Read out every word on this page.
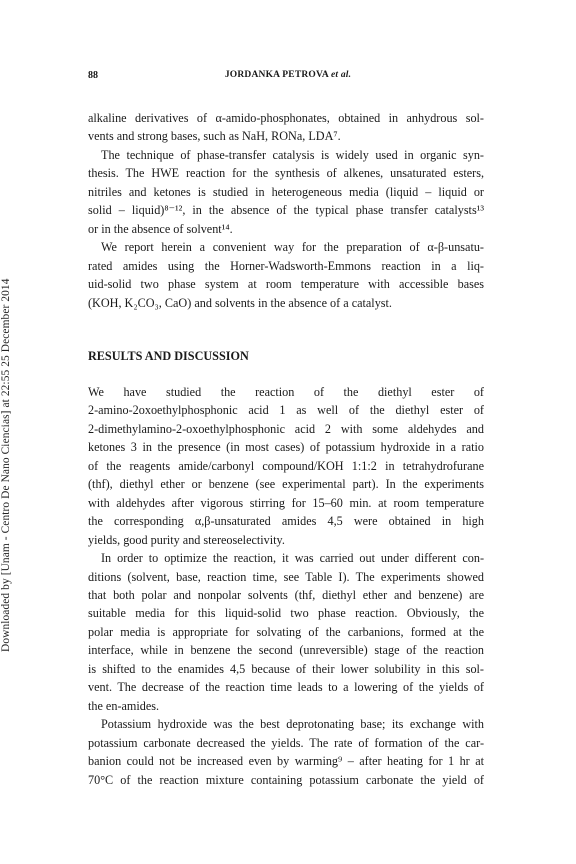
Downloaded by [Unam - Centro De Nano Ciencias] at 22:55 25 December 2014
88	JORDANKA PETROVA et al.

alkaline derivatives of α-amido-phosphonates, obtained in anhydrous sol-
vents and strong bases, such as NaH, RONa, LDA⁷.

The technique of phase-transfer catalysis is widely used in organic syn-
thesis. The HWE reaction for the synthesis of alkenes, unsaturated esters,
nitriles and ketones is studied in heterogeneous media (liquid – liquid or
solid – liquid)⁸⁻¹², in the absence of the typical phase transfer catalysts¹³
or in the absence of solvent¹⁴.

We report herein a convenient way for the preparation of α-β-unsatu-
rated amides using the Horner-Wadsworth-Emmons reaction in a liq-
uid-solid two phase system at room temperature with accessible bases
(KOH, K₂CO₃, CaO) and solvents in the absence of a catalyst.

RESULTS AND DISCUSSION

We have studied the reaction of the diethyl ester of
2-amino-2oxoethylphosphonic acid 1 as well of the diethyl ester of
2-dimethylamino-2-oxoethylphosphonic acid 2 with some aldehydes and
ketones 3 in the presence (in most cases) of potassium hydroxide in a ratio
of the reagents amide/carbonyl compound/KOH 1:1:2 in tetrahydrofurane
(thf), diethyl ether or benzene (see experimental part). In the experiments
with aldehydes after vigorous stirring for 15–60 min. at room temperature
the corresponding α,β-unsaturated amides 4,5 were obtained in high
yields, good purity and stereoselectivity.

In order to optimize the reaction, it was carried out under different con-
ditions (solvent, base, reaction time, see Table I). The experiments showed
that both polar and nonpolar solvents (thf, diethyl ether and benzene) are
suitable media for this liquid-solid two phase reaction. Obviously, the
polar media is appropriate for solvating of the carbanions, formed at the
interface, while in benzene the second (unreversible) stage of the reaction
is shifted to the enamides 4,5 because of their lower solubility in this sol-
vent. The decrease of the reaction time leads to a lowering of the yields of
the en-amides.

Potassium hydroxide was the best deprotonating base; its exchange with
potassium carbonate decreased the yields. The rate of formation of the car-
banion could not be increased even by warming⁹ – after heating for 1 hr at
70°C of the reaction mixture containing potassium carbonate the yield of
